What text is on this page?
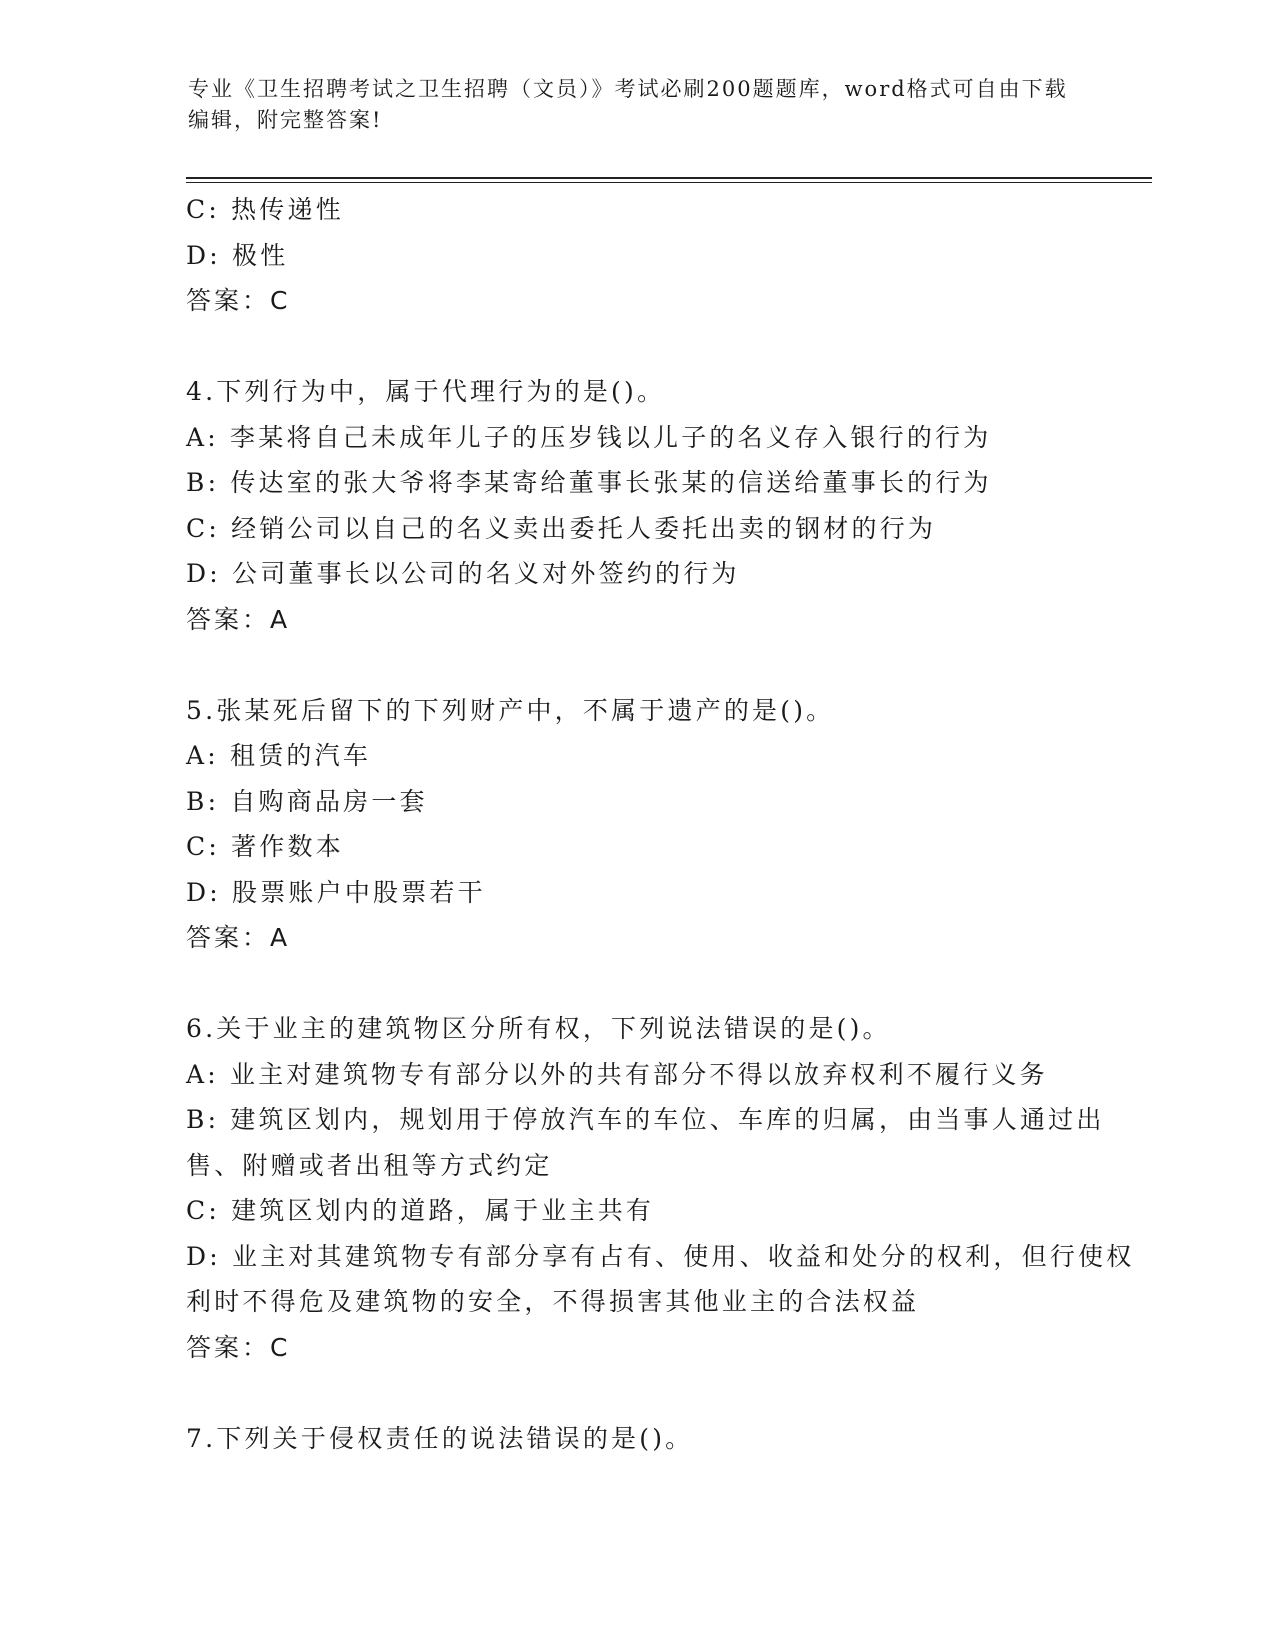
专业《卫生招聘考试之卫生招聘（文员）》考试必刷200题题库，word格式可自由下载编辑，附完整答案!
C: 热传递性
D: 极性
答案：C
4.下列行为中，属于代理行为的是()。
A: 李某将自己未成年儿子的压岁钱以儿子的名义存入银行的行为
B: 传达室的张大爷将李某寄给董事长张某的信送给董事长的行为
C: 经销公司以自己的名义卖出委托人委托出卖的钢材的行为
D: 公司董事长以公司的名义对外签约的行为
答案：A
5.张某死后留下的下列财产中，不属于遗产的是()。
A: 租赁的汽车
B: 自购商品房一套
C: 著作数本
D: 股票账户中股票若干
答案：A
6.关于业主的建筑物区分所有权，下列说法错误的是()。
A: 业主对建筑物专有部分以外的共有部分不得以放弃权利不履行义务
B: 建筑区划内，规划用于停放汽车的车位、车库的归属，由当事人通过出售、附赠或者出租等方式约定
C: 建筑区划内的道路，属于业主共有
D: 业主对其建筑物专有部分享有占有、使用、收益和处分的权利，但行使权利时不得危及建筑物的安全，不得损害其他业主的合法权益
答案：C
7.下列关于侵权责任的说法错误的是()。
